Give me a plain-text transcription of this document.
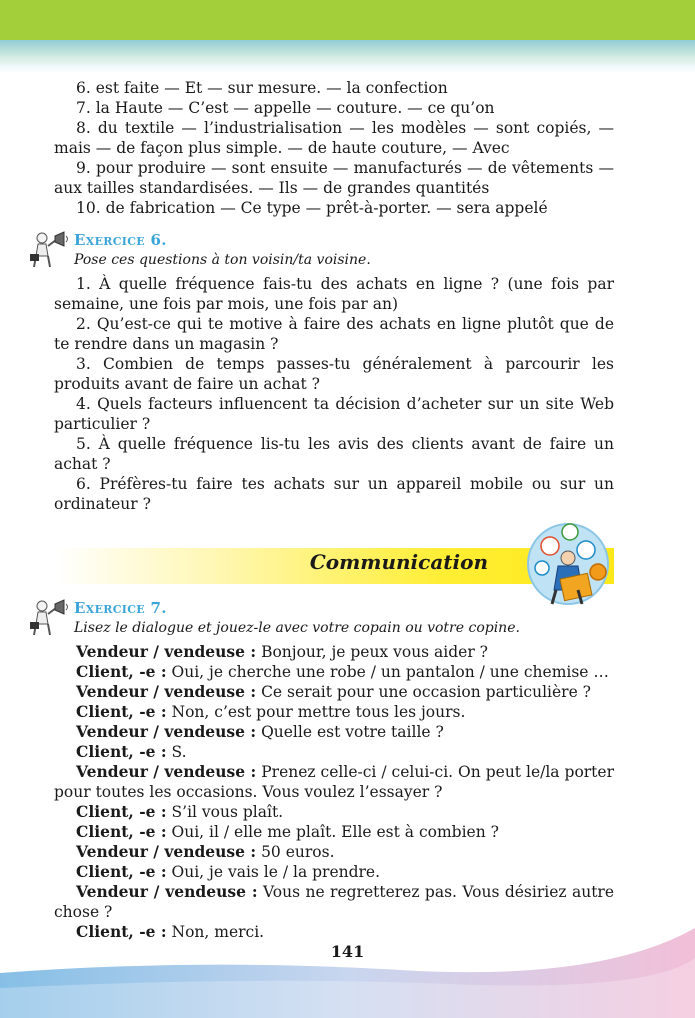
6. est faite — Et — sur mesure. — la confection
7. la Haute — C’est — appelle — couture. — ce qu’on
8. du textile — l’industrialisation — les modèles — sont copiés, — mais — de façon plus simple. — de haute couture, — Avec
9. pour produire — sont ensuite — manufacturés — de vêtements — aux tailles standardisées. — Ils — de grandes quantités
10. de fabrication — Ce type — prêt-à-porter. — sera appelé
Exercice 6.
Pose ces questions à ton voisin/ta voisine.
1. À quelle fréquence fais-tu des achats en ligne ? (une fois par semaine, une fois par mois, une fois par an)
2. Qu’est-ce qui te motive à faire des achats en ligne plutôt que de te rendre dans un magasin ?
3. Combien de temps passes-tu généralement à parcourir les produits avant de faire un achat ?
4. Quels facteurs influencent ta décision d’acheter sur un site Web particulier ?
5. À quelle fréquence lis-tu les avis des clients avant de faire un achat ?
6. Préfères-tu faire tes achats sur un appareil mobile ou sur un ordinateur ?
Communication
Exercice 7.
Lisez le dialogue et jouez-le avec votre copain ou votre copine.
Vendeur / vendeuse : Bonjour, je peux vous aider ?
Client, -e : Oui, je cherche une robe / un pantalon / une chemise …
Vendeur / vendeuse : Ce serait pour une occasion particulière ?
Client, -e : Non, c’est pour mettre tous les jours.
Vendeur / vendeuse : Quelle est votre taille ?
Client, -e : S.
Vendeur / vendeuse : Prenez celle-ci / celui-ci. On peut le/la porter pour toutes les occasions. Vous voulez l’essayer ?
Client, -e : S’il vous plaît.
Client, -e : Oui, il / elle me plaît. Elle est à combien ?
Vendeur / vendeuse : 50 euros.
Client, -e : Oui, je vais le / la prendre.
Vendeur / vendeuse : Vous ne regretterez pas. Vous désiriez autre chose ?
Client, -e : Non, merci.
141
